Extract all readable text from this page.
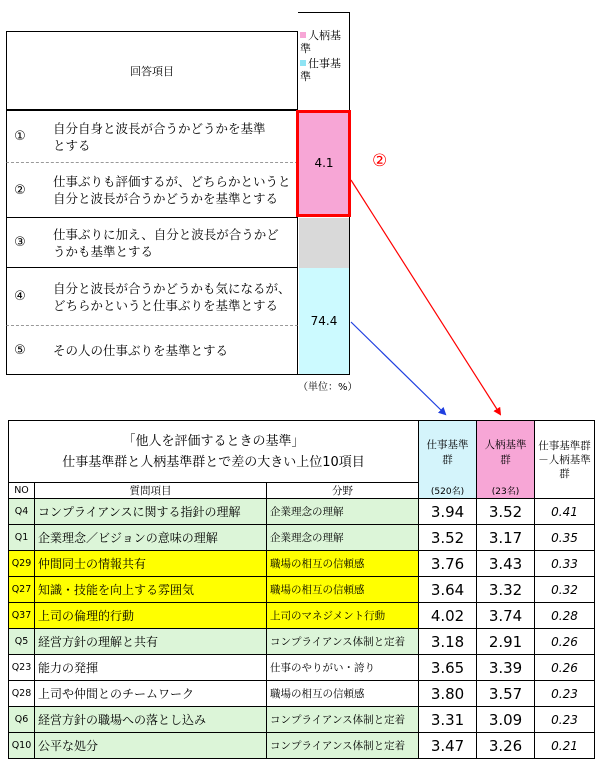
回答項目
①
自分自身と波長が合うかどうかを基準とする
②
仕事ぶりも評価するが、どちらかというと自分と波長が合うかどうかを基準とする
③
仕事ぶりに加え、自分と波長が合うかどうかも基準とする
④
自分と波長が合うかどうかも気になるが、どちらかというと仕事ぶりを基準とする
⑤	その人の仕事ぶりを基準とする
人柄基準
仕事基準
4.1
74.4
（単位：%）
②
「他人を評価するときの基準」
仕事基準群と人柄基準群とで差の大きい上位10項目			仕事基準群	人柄基準群	仕事基準群－人柄基準群

NO	質問項目	分野	(520名)	(23名)	
Q4	コンプライアンスに関する指針の理解	企業理念の理解	3.94	3.52	0.41
Q1	企業理念／ビジョンの意味の理解	企業理念の理解	3.52	3.17	0.35
Q29	仲間同士の情報共有	職場の相互の信頼感	3.76	3.43	0.33
Q27	知識・技能を向上する雰囲気	職場の相互の信頼感	3.64	3.32	0.32
Q37	上司の倫理的行動	上司のマネジメント行動	4.02	3.74	0.28
Q5	経営方針の理解と共有	コンプライアンス体制と定着	3.18	2.91	0.26
Q23	能力の発揮	仕事のやりがい・誇り	3.65	3.39	0.26
Q28	上司や仲間とのチームワーク	職場の相互の信頼感	3.80	3.57	0.23
Q6	経営方針の職場への落とし込み	コンプライアンス体制と定着	3.31	3.09	0.23
Q10	公平な処分	コンプライアンス体制と定着	3.47	3.26	0.21
